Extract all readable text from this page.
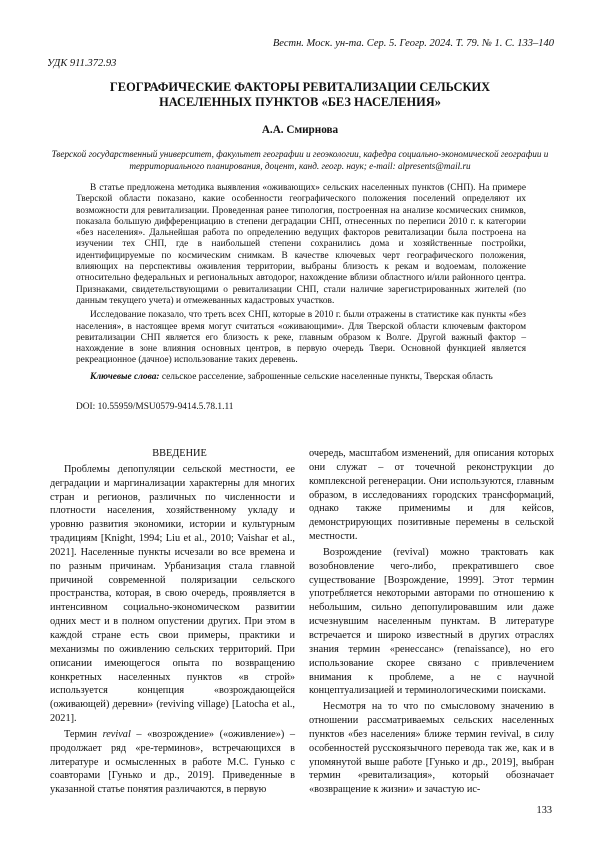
Вестн. Моск. ун-та. Сер. 5. Геогр. 2024. Т. 79. № 1. С. 133–140
УДК 911.372.93
ГЕОГРАФИЧЕСКИЕ ФАКТОРЫ РЕВИТАЛИЗАЦИИ СЕЛЬСКИХ
НАСЕЛЕННЫХ ПУНКТОВ «БЕЗ НАСЕЛЕНИЯ»
А.А. Смирнова
Тверской государственный университет, факультет географии и геоэкологии, кафедра социально-экономической географии и территориального планирования, доцент, канд. геогр. наук; e-mail: alpresents@mail.ru

В статье предложена методика выявления «оживающих» сельских населенных пунктов (СНП). На примере Тверской области показано, какие особенности географического положения поселений определяют их возможности для ревитализации. Проведенная ранее типология, построенная на анализе космических снимков, показала большую дифференциацию в степени деградации СНП, отнесенных по переписи 2010 г. к категории «без населения». Дальнейшая работа по определению ведущих факторов ревитализации была построена на изучении тех СНП, где в наибольшей степени сохранились дома и хозяйственные постройки, идентифицируемые по космическим снимкам. В качестве ключевых черт географического положения, влияющих на перспективы оживления территории, выбраны близость к рекам и водоемам, положение относительно федеральных и региональных автодорог, нахождение вблизи областного и/или районного центра. Признаками, свидетельствующими о ревитализации СНП, стали наличие зарегистрированных жителей (по данным текущего учета) и отмежеванных кадастровых участков.

Исследование показало, что треть всех СНП, которые в 2010 г. были отражены в статистике как пункты «без населения», в настоящее время могут считаться «оживающими». Для Тверской области ключевым фактором ревитализации СНП является его близость к реке, главным образом к Волге. Другой важный фактор – нахождение в зоне влияния основных центров, в первую очередь Твери. Основной функцией является рекреационное (дачное) использование таких деревень.

Ключевые слова: сельское расселение, заброшенные сельские населенные пункты, Тверская область
DOI: 10.55959/MSU0579-9414.5.78.1.11

ВВЕДЕНИЕ

Проблемы депопуляции сельской местности, ее деградации и маргинализации характерны для многих стран и регионов, различных по численности и плотности населения, хозяйственному укладу и уровню развития экономики, истории и культурным традициям [Knight, 1994; Liu et al., 2010; Vaishar et al., 2021]. Населенные пункты исчезали во все времена и по разным причинам. Урбанизация стала главной причиной современной поляризации сельского пространства, которая, в свою очередь, проявляется в интенсивном социально-экономическом развитии одних мест и в полном опустении других. При этом в каждой стране есть свои примеры, практики и механизмы по оживлению сельских территорий. При описании имеющегося опыта по возвращению конкретных населенных пунктов «в строй» используется концепция «возрождающейся (оживающей) деревни» (reviving village) [Latocha et al., 2021].

Термин revival – «возрождение» («оживление») – продолжает ряд «ре-терминов», встречающихся в литературе и осмысленных в работе М.С. Гунько с соавторами [Гунько и др., 2019]. Приведенные в указанной статье понятия различаются, в первую

очередь, масштабом изменений, для описания которых они служат – от точечной реконструкции до комплексной регенерации. Они используются, главным образом, в исследованиях городских трансформаций, однако также применимы и для кейсов, демонстрирующих позитивные перемены в сельской местности.

Возрождение (revival) можно трактовать как возобновление чего-либо, прекратившего свое существование [Возрождение, 1999]. Этот термин употребляется некоторыми авторами по отношению к небольшим, сильно депопулировавшим или даже исчезнувшим населенным пунктам. В литературе встречается и широко известный в других отраслях знания термин «ренессанс» (renaissance), но его использование скорее связано с привлечением внимания к проблеме, а не с научной концептуализацией и терминологическими поисками.

Несмотря на то что по смысловому значению в отношении рассматриваемых сельских населенных пунктов «без населения» ближе термин revival, в силу особенностей русскоязычного перевода так же, как и в упомянутой выше работе [Гунько и др., 2019], выбран термин «ревитализация», который обозначает «возвращение к жизни» и зачастую ис-

133
